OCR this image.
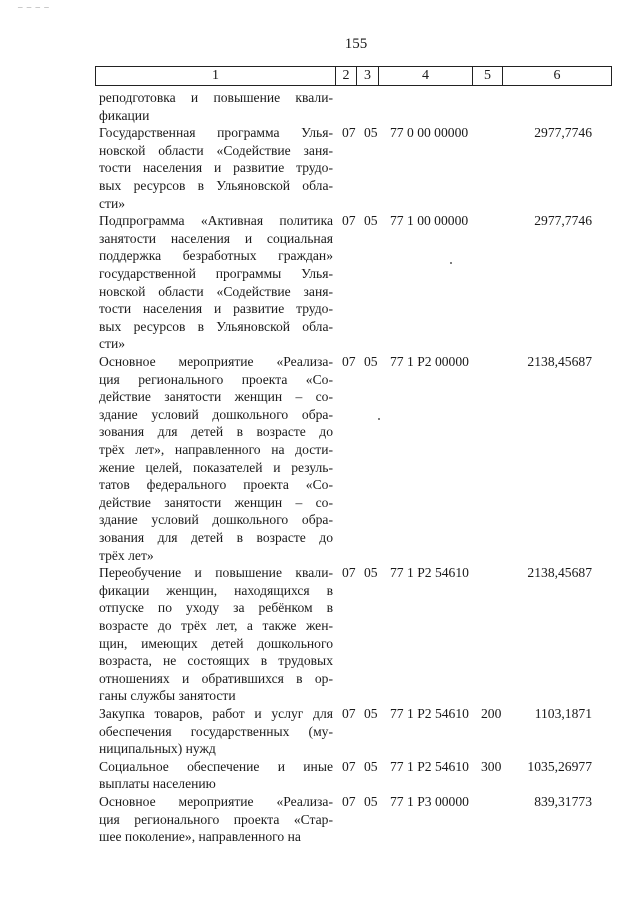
¯ ¯ ¯ ¯
155
1	2	3	4	5	6
реподготовка и повышение квали-
фикации
Государственная программа Улья-
новской области «Содействие заня-
тости населения и развитие трудо-
вых ресурсов в Ульяновской обла-
сти»
07 05 77 0 00 00000	2977,7746
Подпрограмма «Активная политика
занятости населения и социальная
поддержка безработных граждан»
государственной программы Улья-
новской области «Содействие заня-
тости населения и развитие трудо-
вых ресурсов в Ульяновской обла-
сти»
07 05 77 1 00 00000	2977,7746
Основное мероприятие «Реализа-
ция регионального проекта «Со-
действие занятости женщин – со-
здание условий дошкольного обра-
зования для детей в возрасте до
трёх лет», направленного на дости-
жение целей, показателей и резуль-
татов федерального проекта «Со-
действие занятости женщин – со-
здание условий дошкольного обра-
зования для детей в возрасте до
трёх лет»
07 05 77 1 P2 00000	2138,45687
Переобучение и повышение квали-
фикации женщин, находящихся в
отпуске по уходу за ребёнком в
возрасте до трёх лет, а также жен-
щин, имеющих детей дошкольного
возраста, не состоящих в трудовых
отношениях и обратившихся в ор-
ганы службы занятости
07 05 77 1 P2 54610	2138,45687
Закупка товаров, работ и услуг для
обеспечения государственных (му-
ниципальных) нужд
07 05 77 1 P2 54610 200 1103,1871
Социальное обеспечение и иные
выплаты населению
07 05 77 1 P2 54610 300 1035,26977
Основное мероприятие «Реализа-
ция регионального проекта «Стар-
шее поколение», направленного на
07 05 77 1 P3 00000	839,31773
